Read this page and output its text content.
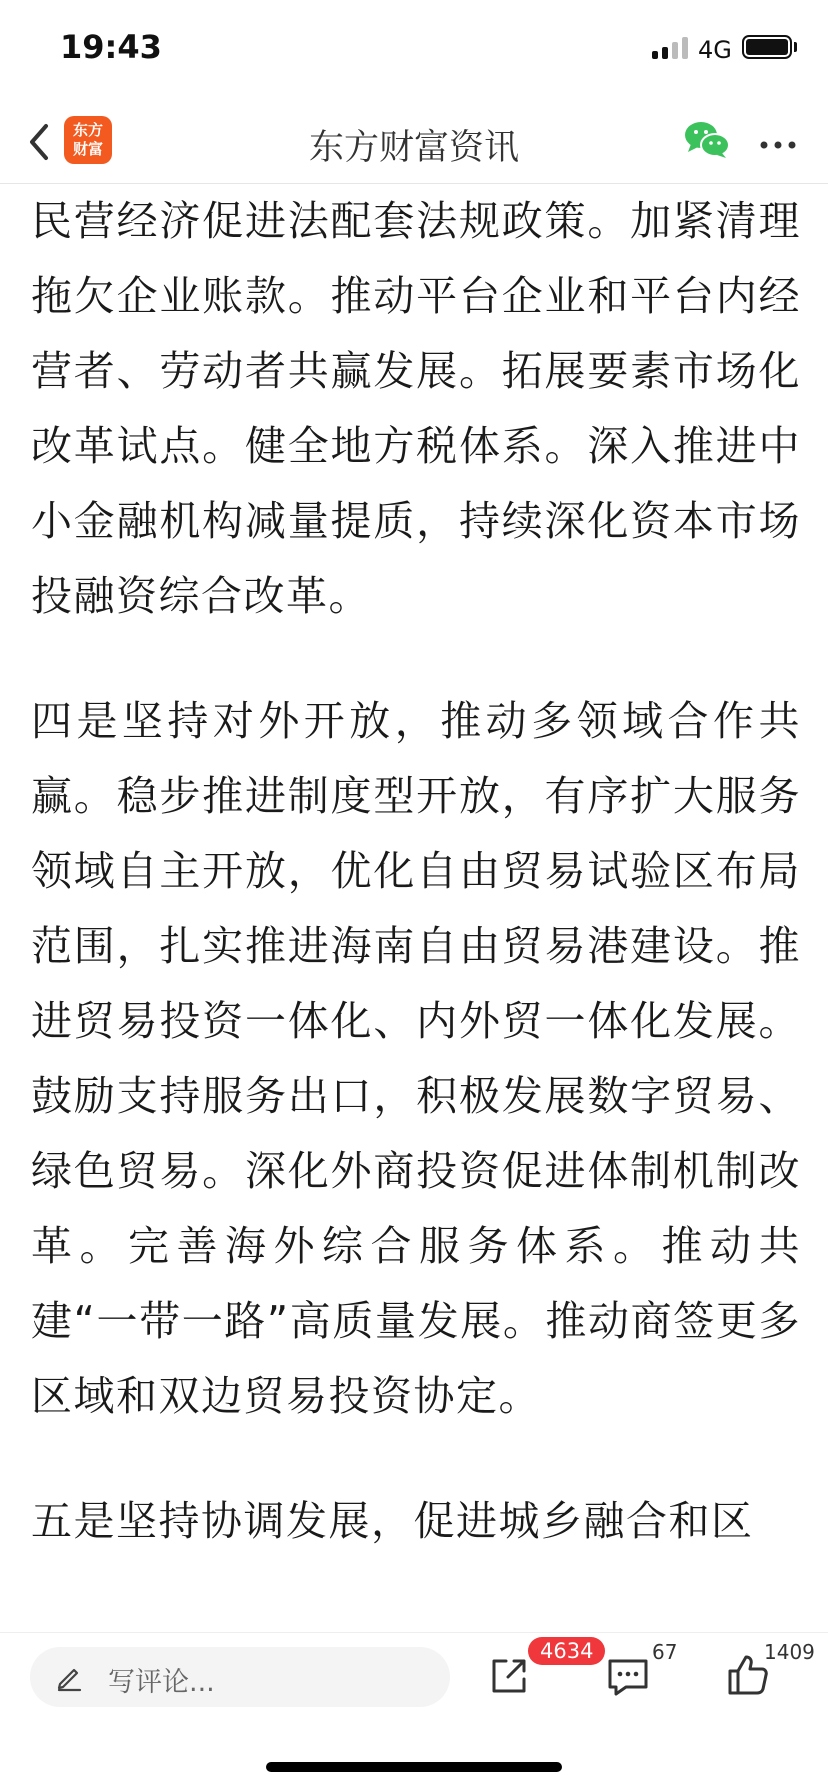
19:43	4G
东方
财富	东方财富资讯

民营经济促进法配套法规政策。加紧清理拖欠企业账款。推动平台企业和平台内经营者、劳动者共赢发展。拓展要素市场化改革试点。健全地方税体系。深入推进中小金融机构减量提质，持续深化资本市场投融资综合改革。

四是坚持对外开放，推动多领域合作共赢。稳步推进制度型开放，有序扩大服务领域自主开放，优化自由贸易试验区布局范围，扎实推进海南自由贸易港建设。推进贸易投资一体化、内外贸一体化发展。鼓励支持服务出口，积极发展数字贸易、绿色贸易。深化外商投资促进体制机制改革。完善海外综合服务体系。推动共建“一带一路”高质量发展。推动商签更多区域和双边贸易投资协定。

五是坚持协调发展，促进城乡融合和区

写评论...
4634	67	1409
